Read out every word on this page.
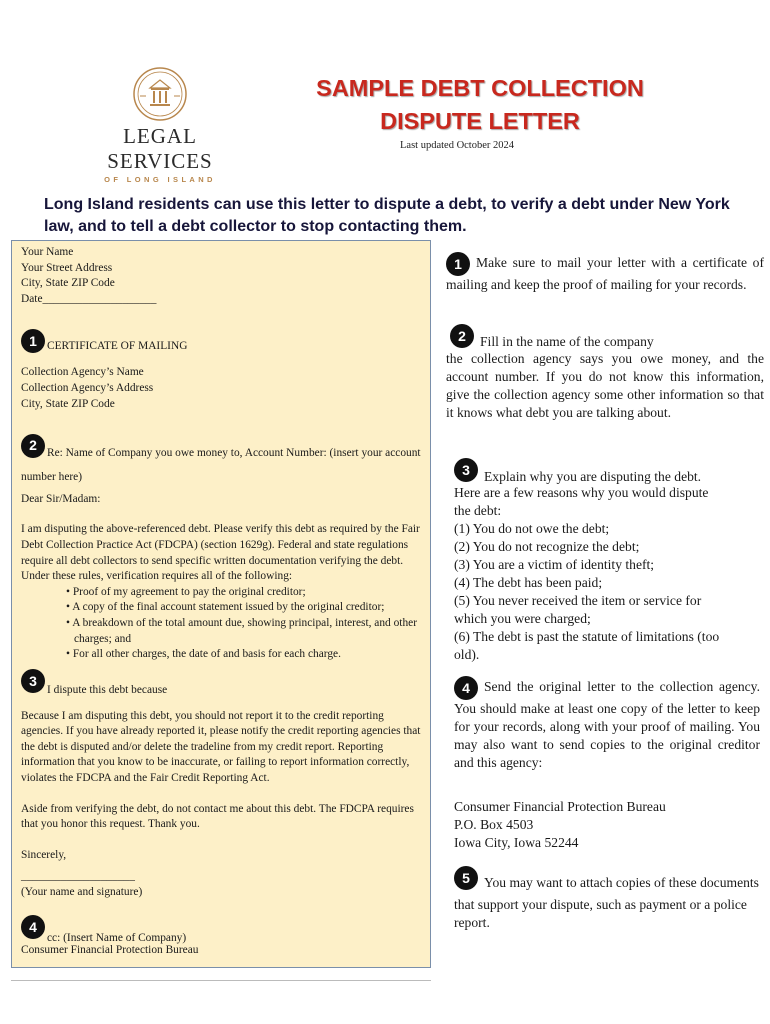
LEGAL SERVICES
OF LONG ISLAND
SAMPLE DEBT COLLECTION
DISPUTE LETTER
Last updated October 2024
Long Island residents can use this letter to dispute a debt, to verify a debt under New York law, and to tell a debt collector to stop contacting them.

Your Name

Your Street Address

City, State ZIP Code

Date____________________

1 CERTIFICATE OF MAILING

Collection Agency’s Name

Collection Agency’s Address

City, State ZIP Code

2 Re: Name of Company you owe money to, Account Number: (insert your account number here)

Dear Sir/Madam:

I am disputing the above-referenced debt. Please verify this debt as required by the Fair Debt Collection Practice Act (FDCPA) (section 1629g). Federal and state regulations require all debt collectors to send specific written documentation verifying the debt. Under these rules, verification requires all of the following:

• Proof of my agreement to pay the original creditor;
• A copy of the final account statement issued by the original creditor;
• A breakdown of the total amount due, showing principal, interest, and other charges; and
• For all other charges, the date of and basis for each charge.

3I dispute this debt because

Because I am disputing this debt, you should not report it to the credit reporting agencies. If you have already reported it, please notify the credit reporting agencies that the debt is disputed and/or delete the tradeline from my credit report. Reporting information that you know to be inaccurate, or failing to report information correctly, violates the FDCPA and the Fair Credit Reporting Act.

Aside from verifying the debt, do not contact me about this debt. The FDCPA requires that you honor this request. Thank you.

Sincerely,

____________________

(Your name and signature)

4cc: (Insert Name of Company)

Consumer Financial Protection Bureau

1 Make sure to mail your letter with a certificate of mailing and keep the proof of mailing for your records.

2 Fill in the name of the company

the collection agency says you owe money, and the account number. If you do not know this information, give the collection agency some other information so that it knows what debt you are talking about.

3 Explain why you are disputing the debt.

Here are a few reasons why you would dispute

the debt:

(1) You do not owe the debt;

(2) You do not recognize the debt;

(3) You are a victim of identity theft;

(4) The debt has been paid;

(5) You never received the item or service for

which you were charged;

(6) The debt is past the statute of limitations (too

old).

4 Send the original letter to the collection agency. You should make at least one copy of the letter to keep for your records, along with your proof of mailing. You may also want to send copies to the original creditor and this agency:

Consumer Financial Protection Bureau

P.O. Box 4503

Iowa City, Iowa 52244

5 You may want to attach copies of these documents that support your dispute, such as payment or a police report.
